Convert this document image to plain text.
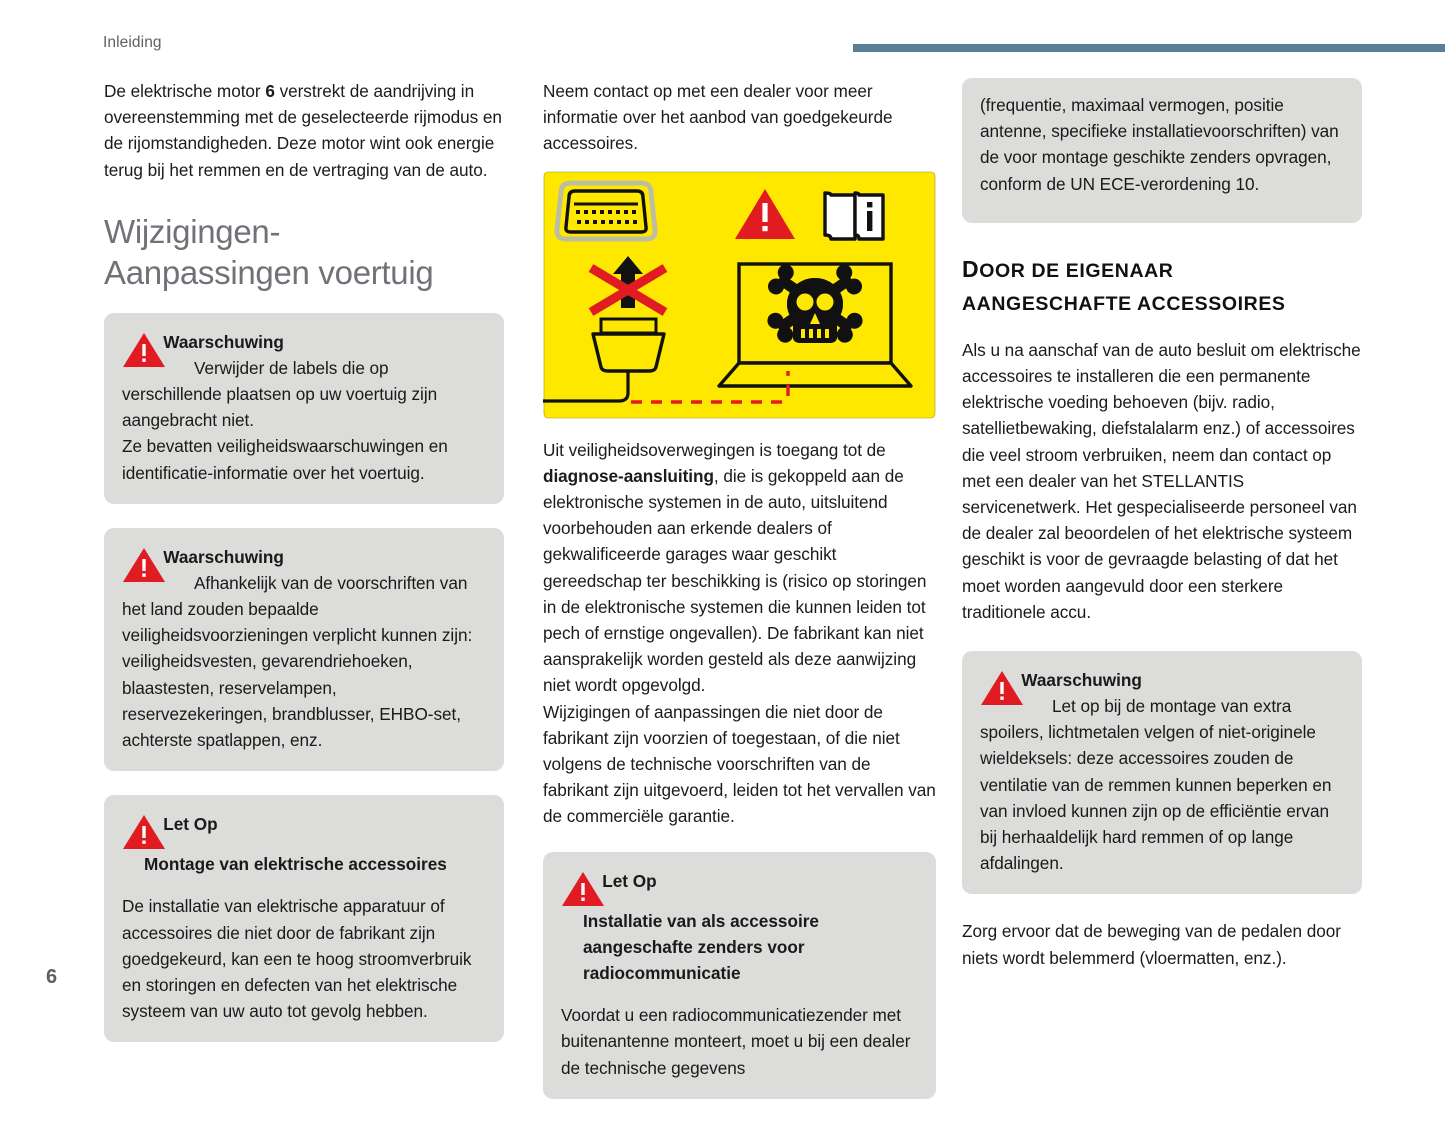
Inleiding

De elektrische motor 6 verstrekt de aandrijving in overeenstemming met de geselecteerde rijmodus en de rijomstandigheden. Deze motor wint ook energie terug bij het remmen en de vertraging van de auto.

Wijzigingen-
Aanpassingen voertuig
Waarschuwing
Verwijder de labels die op verschillende plaatsen op uw voertuig zijn aangebracht niet.
Ze bevatten veiligheidswaarschuwingen en identificatie-informatie over het voertuig.
Waarschuwing
Afhankelijk van de voorschriften van het land zouden bepaalde veiligheidsvoorzieningen verplicht kunnen zijn: veiligheidsvesten, gevarendriehoeken, blaastesten, reservelampen, reservezekeringen, brandblusser, EHBO-set, achterste spatlappen, enz.
Let Op
Montage van elektrische accessoires
De installatie van elektrische apparatuur of accessoires die niet door de fabrikant zijn goedgekeurd, kan een te hoog stroomverbruik en storingen en defecten van het elektrische systeem van uw auto tot gevolg hebben.

Neem contact op met een dealer voor meer informatie over het aanbod van goedgekeurde accessoires.

Uit veiligheidsoverwegingen is toegang tot de diagnose-aansluiting, die is gekoppeld aan de elektronische systemen in de auto, uitsluitend voorbehouden aan erkende dealers of gekwalificeerde garages waar geschikt gereedschap ter beschikking is (risico op storingen in de elektronische systemen die kunnen leiden tot pech of ernstige ongevallen). De fabrikant kan niet aansprakelijk worden gesteld als deze aanwijzing niet wordt opgevolgd.

Wijzigingen of aanpassingen die niet door de fabrikant zijn voorzien of toegestaan, of die niet volgens de technische voorschriften van de fabrikant zijn uitgevoerd, leiden tot het vervallen van de commerciële garantie.

Let Op
Installatie van als accessoire aangeschafte zenders voor radiocommunicatie
Voordat u een radiocommunicatiezender met buitenantenne monteert, moet u bij een dealer de technische gegevens
(frequentie, maximaal vermogen, positie antenne, specifieke installatievoorschriften) van de voor montage geschikte zenders opvragen, conform de UN ECE-verordening 10.
DOOR DE EIGENAAR
AANGESCHAFTE ACCESSOIRES

Als u na aanschaf van de auto besluit om elektrische accessoires te installeren die een permanente elektrische voeding behoeven (bijv. radio, satellietbewaking, diefstalalarm enz.) of accessoires die veel stroom verbruiken, neem dan contact op met een dealer van het STELLANTIS servicenetwerk. Het gespecialiseerde personeel van de dealer zal beoordelen of het elektrische systeem geschikt is voor de gevraagde belasting of dat het moet worden aangevuld door een sterkere traditionele accu.

Waarschuwing
Let op bij de montage van extra spoilers, lichtmetalen velgen of niet-originele wieldeksels: deze accessoires zouden de ventilatie van de remmen kunnen beperken en van invloed kunnen zijn op de efficiëntie ervan bij herhaaldelijk hard remmen of op lange afdalingen.

Zorg ervoor dat de beweging van de pedalen door niets wordt belemmerd (vloermatten, enz.).

6
